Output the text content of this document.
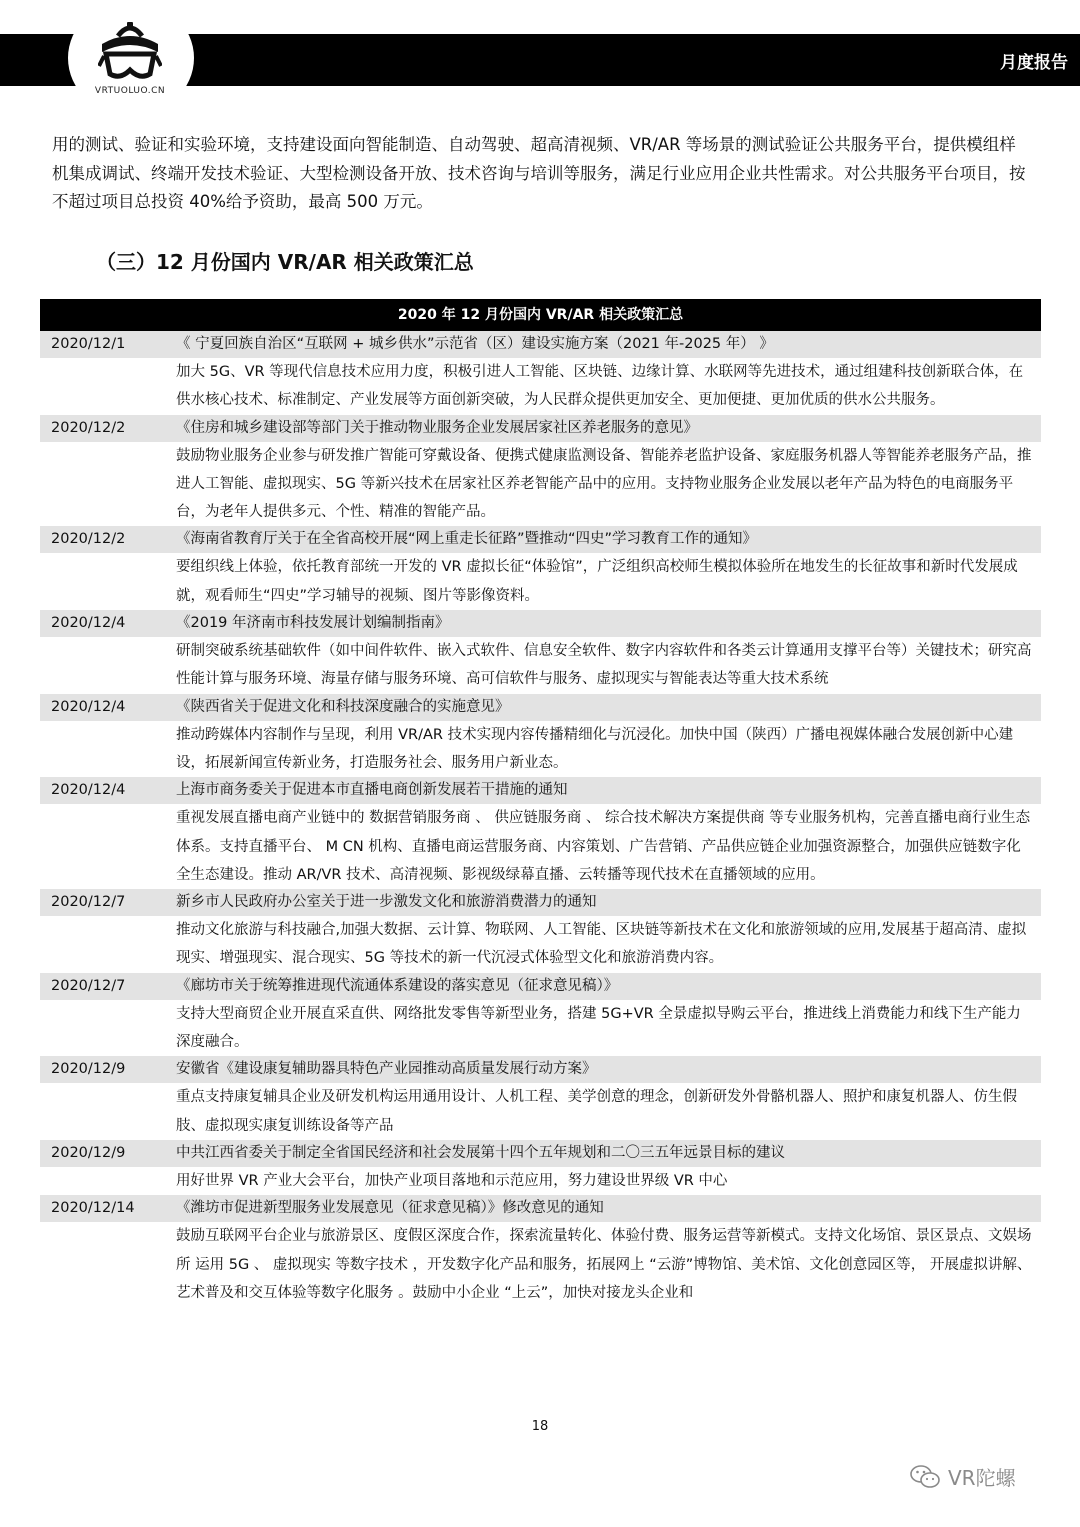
VRTUOLUO.CN
月度报告

用的测试、验证和实验环境，支持建设面向智能制造、自动驾驶、超高清视频、VR/AR 等场景的测试验证公共服务平台，提供模组样机集成调试、终端开发技术验证、大型检测设备开放、技术咨询与培训等服务，满足行业应用企业共性需求。对公共服务平台项目，按不超过项目总投资 40%给予资助，最高 500 万元。

（三）12 月份国内 VR/AR 相关政策汇总
2020 年 12 月份国内 VR/AR 相关政策汇总
2020/12/1	《 宁夏回族自治区“互联网 + 城乡供水”示范省（区）建设实施方案（2021 年-2025 年） 》
加大 5G、VR 等现代信息技术应用力度，积极引进人工智能、区块链、边缘计算、水联网等先进技术，通过组建科技创新联合体，在供水核心技术、标准制定、产业发展等方面创新突破，为人民群众提供更加安全、更加便捷、更加优质的供水公共服务。
2020/12/2	《住房和城乡建设部等部门关于推动物业服务企业发展居家社区养老服务的意见》
鼓励物业服务企业参与研发推广智能可穿戴设备、便携式健康监测设备、智能养老监护设备、家庭服务机器人等智能养老服务产品，推进人工智能、虚拟现实、5G 等新兴技术在居家社区养老智能产品中的应用。支持物业服务企业发展以老年产品为特色的电商服务平台，为老年人提供多元、个性、精准的智能产品。
2020/12/2	《海南省教育厅关于在全省高校开展“网上重走长征路”暨推动“四史”学习教育工作的通知》
要组织线上体验，依托教育部统一开发的 VR 虚拟长征“体验馆”，广泛组织高校师生模拟体验所在地发生的长征故事和新时代发展成就，观看师生“四史”学习辅导的视频、图片等影像资料。
2020/12/4	《2019 年济南市科技发展计划编制指南》
研制突破系统基础软件（如中间件软件、嵌入式软件、信息安全软件、数字内容软件和各类云计算通用支撑平台等）关键技术；研究高性能计算与服务环境、海量存储与服务环境、高可信软件与服务、虚拟现实与智能表达等重大技术系统
2020/12/4	《陕西省关于促进文化和科技深度融合的实施意见》
推动跨媒体内容制作与呈现，利用 VR/AR 技术实现内容传播精细化与沉浸化。加快中国（陕西）广播电视媒体融合发展创新中心建设，拓展新闻宣传新业务，打造服务社会、服务用户新业态。
2020/12/4	上海市商务委关于促进本市直播电商创新发展若干措施的通知
重视发展直播电商产业链中的 数据营销服务商 、 供应链服务商 、 综合技术解决方案提供商 等专业服务机构，完善直播电商行业生态体系。支持直播平台、 M CN 机构、直播电商运营服务商、内容策划、广告营销、产品供应链企业加强资源整合，加强供应链数字化全生态建设。推动 AR/VR 技术、高清视频、影视级绿幕直播、云转播等现代技术在直播领域的应用。
2020/12/7	新乡市人民政府办公室关于进一步激发文化和旅游消费潜力的通知
推动文化旅游与科技融合,加强大数据、云计算、物联网、人工智能、区块链等新技术在文化和旅游领域的应用,发展基于超高清、虚拟现实、增强现实、混合现实、5G 等技术的新一代沉浸式体验型文化和旅游消费内容。
2020/12/7	《廊坊市关于统筹推进现代流通体系建设的落实意见（征求意见稿）》
支持大型商贸企业开展直采直供、网络批发零售等新型业务，搭建 5G+VR 全景虚拟导购云平台，推进线上消费能力和线下生产能力深度融合。
2020/12/9	安徽省《建设康复辅助器具特色产业园推动高质量发展行动方案》
重点支持康复辅具企业及研发机构运用通用设计、人机工程、美学创意的理念，创新研发外骨骼机器人、照护和康复机器人、仿生假肢、虚拟现实康复训练设备等产品
2020/12/9	中共江西省委关于制定全省国民经济和社会发展第十四个五年规划和二〇三五年远景目标的建议
用好世界 VR 产业大会平台，加快产业项目落地和示范应用，努力建设世界级 VR 中心
2020/12/14	《潍坊市促进新型服务业发展意见（征求意见稿）》修改意见的通知
鼓励互联网平台企业与旅游景区、度假区深度合作，探索流量转化、体验付费、服务运营等新模式。支持文化场馆、景区景点、文娱场所 运用 5G 、 虚拟现实 等数字技术 ，开发数字化产品和服务，拓展网上 “云游”博物馆、美术馆、文化创意园区等， 开展虚拟讲解、艺术普及和交互体验等数字化服务 。鼓励中小企业 “上云”，加快对接龙头企业和
18
VR陀螺
